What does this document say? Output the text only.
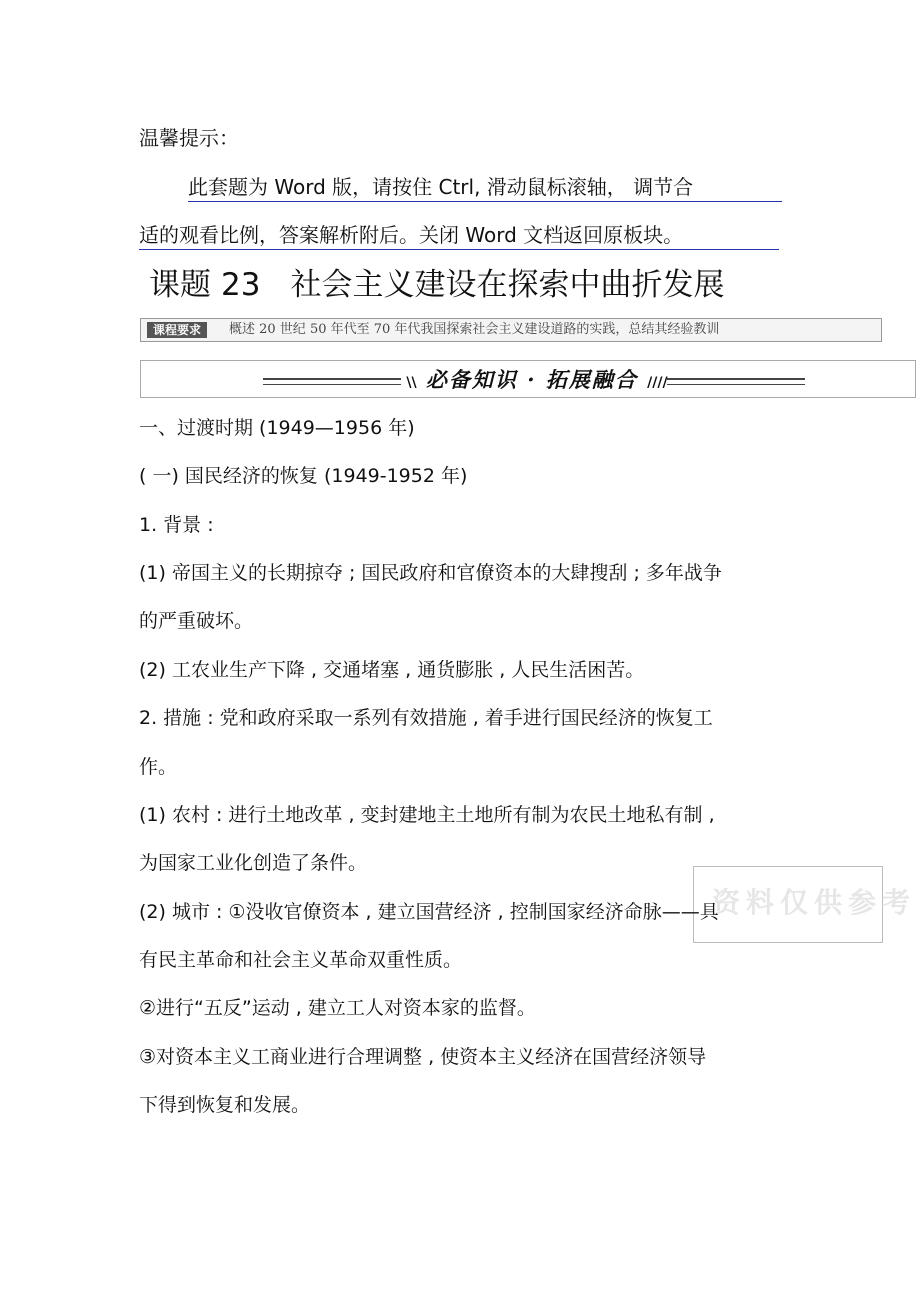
温馨提示：
此套题为 Word 版，请按住 Ctrl, 滑动鼠标滚轴， 调节合
适的观看比例，答案解析附后。关闭 Word 文档返回原板块。
课题 23 社会主义建设在探索中曲折发展
课程要求	概述 20 世纪 50 年代至 70 年代我国探索社会主义建设道路的实践，总结其经验教训
\\ 必备知识 · 拓展融合 ////
一、过渡时期 (1949—1956 年)
( 一) 国民经济的恢复 (1949-1952 年)
1. 背景 :
(1) 帝国主义的长期掠夺 ; 国民政府和官僚资本的大肆搜刮 ; 多年战争
的严重破坏。
(2) 工农业生产下降 , 交通堵塞 , 通货膨胀 , 人民生活困苦。
2. 措施 : 党和政府采取一系列有效措施 , 着手进行国民经济的恢复工
作。
(1) 农村 : 进行土地改革 , 变封建地主土地所有制为农民土地私有制 ,
为国家工业化创造了条件。
资料仅供参考
(2) 城市 : ①没收官僚资本 , 建立国营经济 , 控制国家经济命脉——具
有民主革命和社会主义革命双重性质。
②进行“五反”运动 , 建立工人对资本家的监督。
③对资本主义工商业进行合理调整 , 使资本主义经济在国营经济领导
下得到恢复和发展。
